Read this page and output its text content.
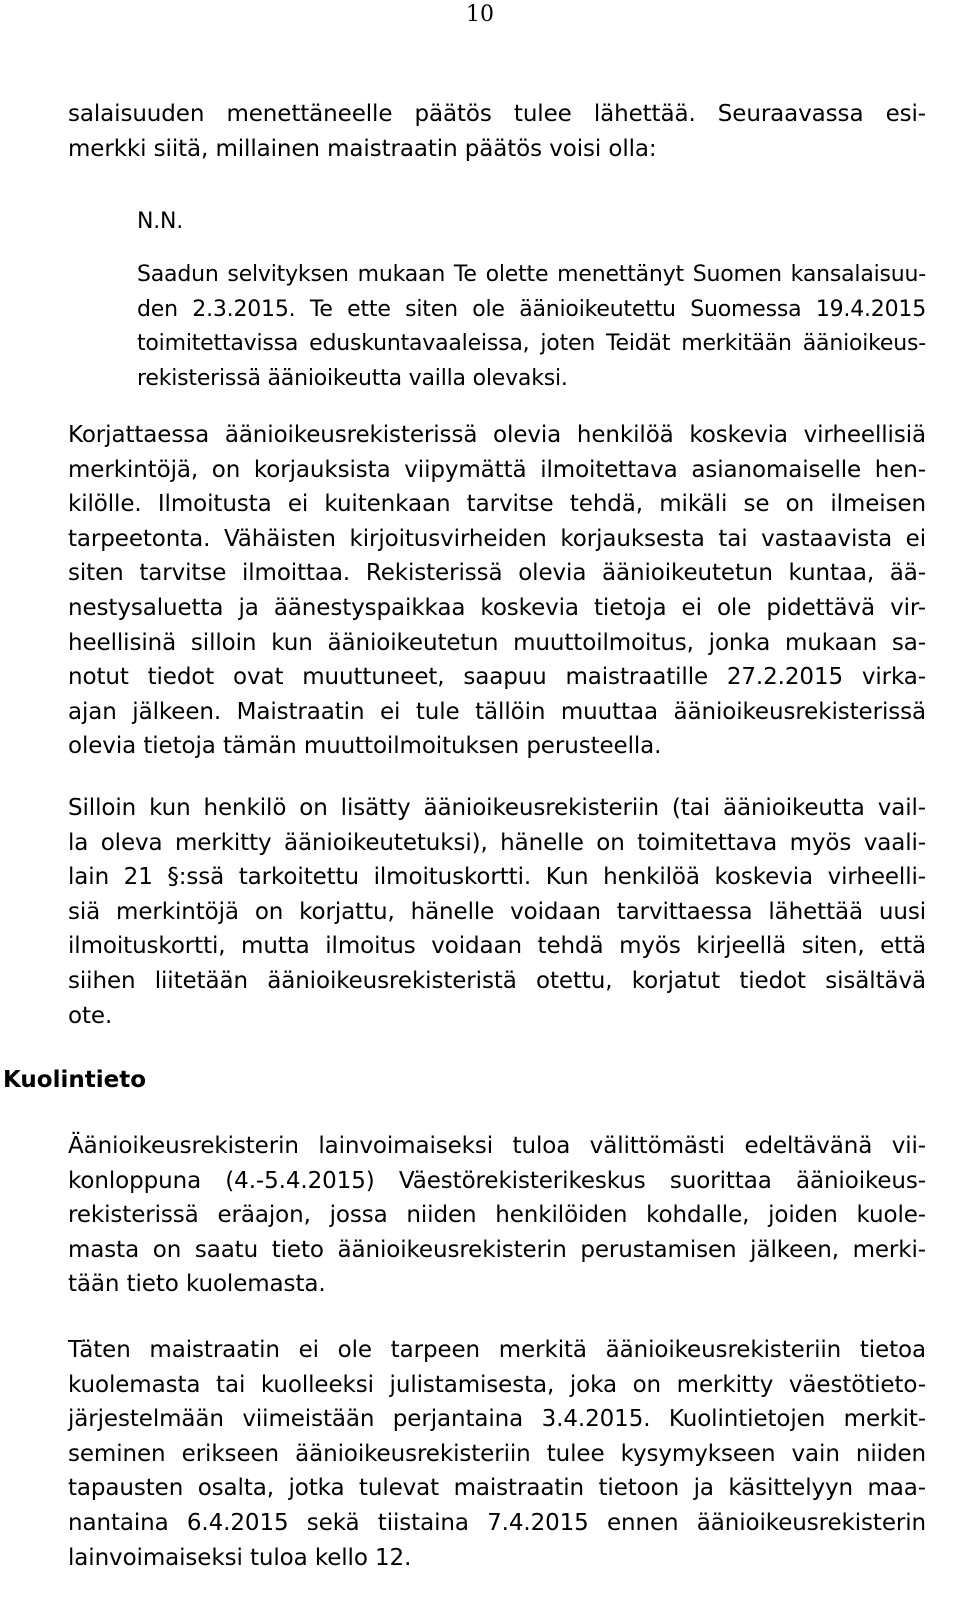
10
salaisuuden menettäneelle päätös tulee lähettää. Seuraavassa esi-
merkki siitä, millainen maistraatin päätös voisi olla:
N.N.
Saadun selvityksen mukaan Te olette menettänyt Suomen kansalaisuu-
den 2.3.2015. Te ette siten ole äänioikeutettu Suomessa 19.4.2015
toimitettavissa eduskuntavaaleissa, joten Teidät merkitään äänioikeus-
rekisterissä äänioikeutta vailla olevaksi.
Korjattaessa äänioikeusrekisterissä olevia henkilöä koskevia virheellisiä
merkintöjä, on korjauksista viipymättä ilmoitettava asianomaiselle hen-
kilölle. Ilmoitusta ei kuitenkaan tarvitse tehdä, mikäli se on ilmeisen
tarpeetonta. Vähäisten kirjoitusvirheiden korjauksesta tai vastaavista ei
siten tarvitse ilmoittaa. Rekisterissä olevia äänioikeutetun kuntaa, ää-
nestysaluetta ja äänestyspaikkaa koskevia tietoja ei ole pidettävä vir-
heellisinä silloin kun äänioikeutetun muuttoilmoitus, jonka mukaan sa-
notut tiedot ovat muuttuneet, saapuu maistraatille 27.2.2015 virka-
ajan jälkeen. Maistraatin ei tule tällöin muuttaa äänioikeusrekisterissä
olevia tietoja tämän muuttoilmoituksen perusteella.
Silloin kun henkilö on lisätty äänioikeusrekisteriin (tai äänioikeutta vail-
la oleva merkitty äänioikeutetuksi), hänelle on toimitettava myös vaali-
lain 21 §:ssä tarkoitettu ilmoituskortti. Kun henkilöä koskevia virheelli-
siä merkintöjä on korjattu, hänelle voidaan tarvittaessa lähettää uusi
ilmoituskortti, mutta ilmoitus voidaan tehdä myös kirjeellä siten, että
siihen liitetään äänioikeusrekisteristä otettu, korjatut tiedot sisältävä
ote.
Kuolintieto
Äänioikeusrekisterin lainvoimaiseksi tuloa välittömästi edeltävänä vii-
konloppuna (4.-5.4.2015) Väestörekisterikeskus suorittaa äänioikeus-
rekisterissä eräajon, jossa niiden henkilöiden kohdalle, joiden kuole-
masta on saatu tieto äänioikeusrekisterin perustamisen jälkeen, merki-
tään tieto kuolemasta.
Täten maistraatin ei ole tarpeen merkitä äänioikeusrekisteriin tietoa
kuolemasta tai kuolleeksi julistamisesta, joka on merkitty väestötieto-
järjestelmään viimeistään perjantaina 3.4.2015. Kuolintietojen merkit-
seminen erikseen äänioikeusrekisteriin tulee kysymykseen vain niiden
tapausten osalta, jotka tulevat maistraatin tietoon ja käsittelyyn maa-
nantaina 6.4.2015 sekä tiistaina 7.4.2015 ennen äänioikeusrekisterin
lainvoimaiseksi tuloa kello 12.
